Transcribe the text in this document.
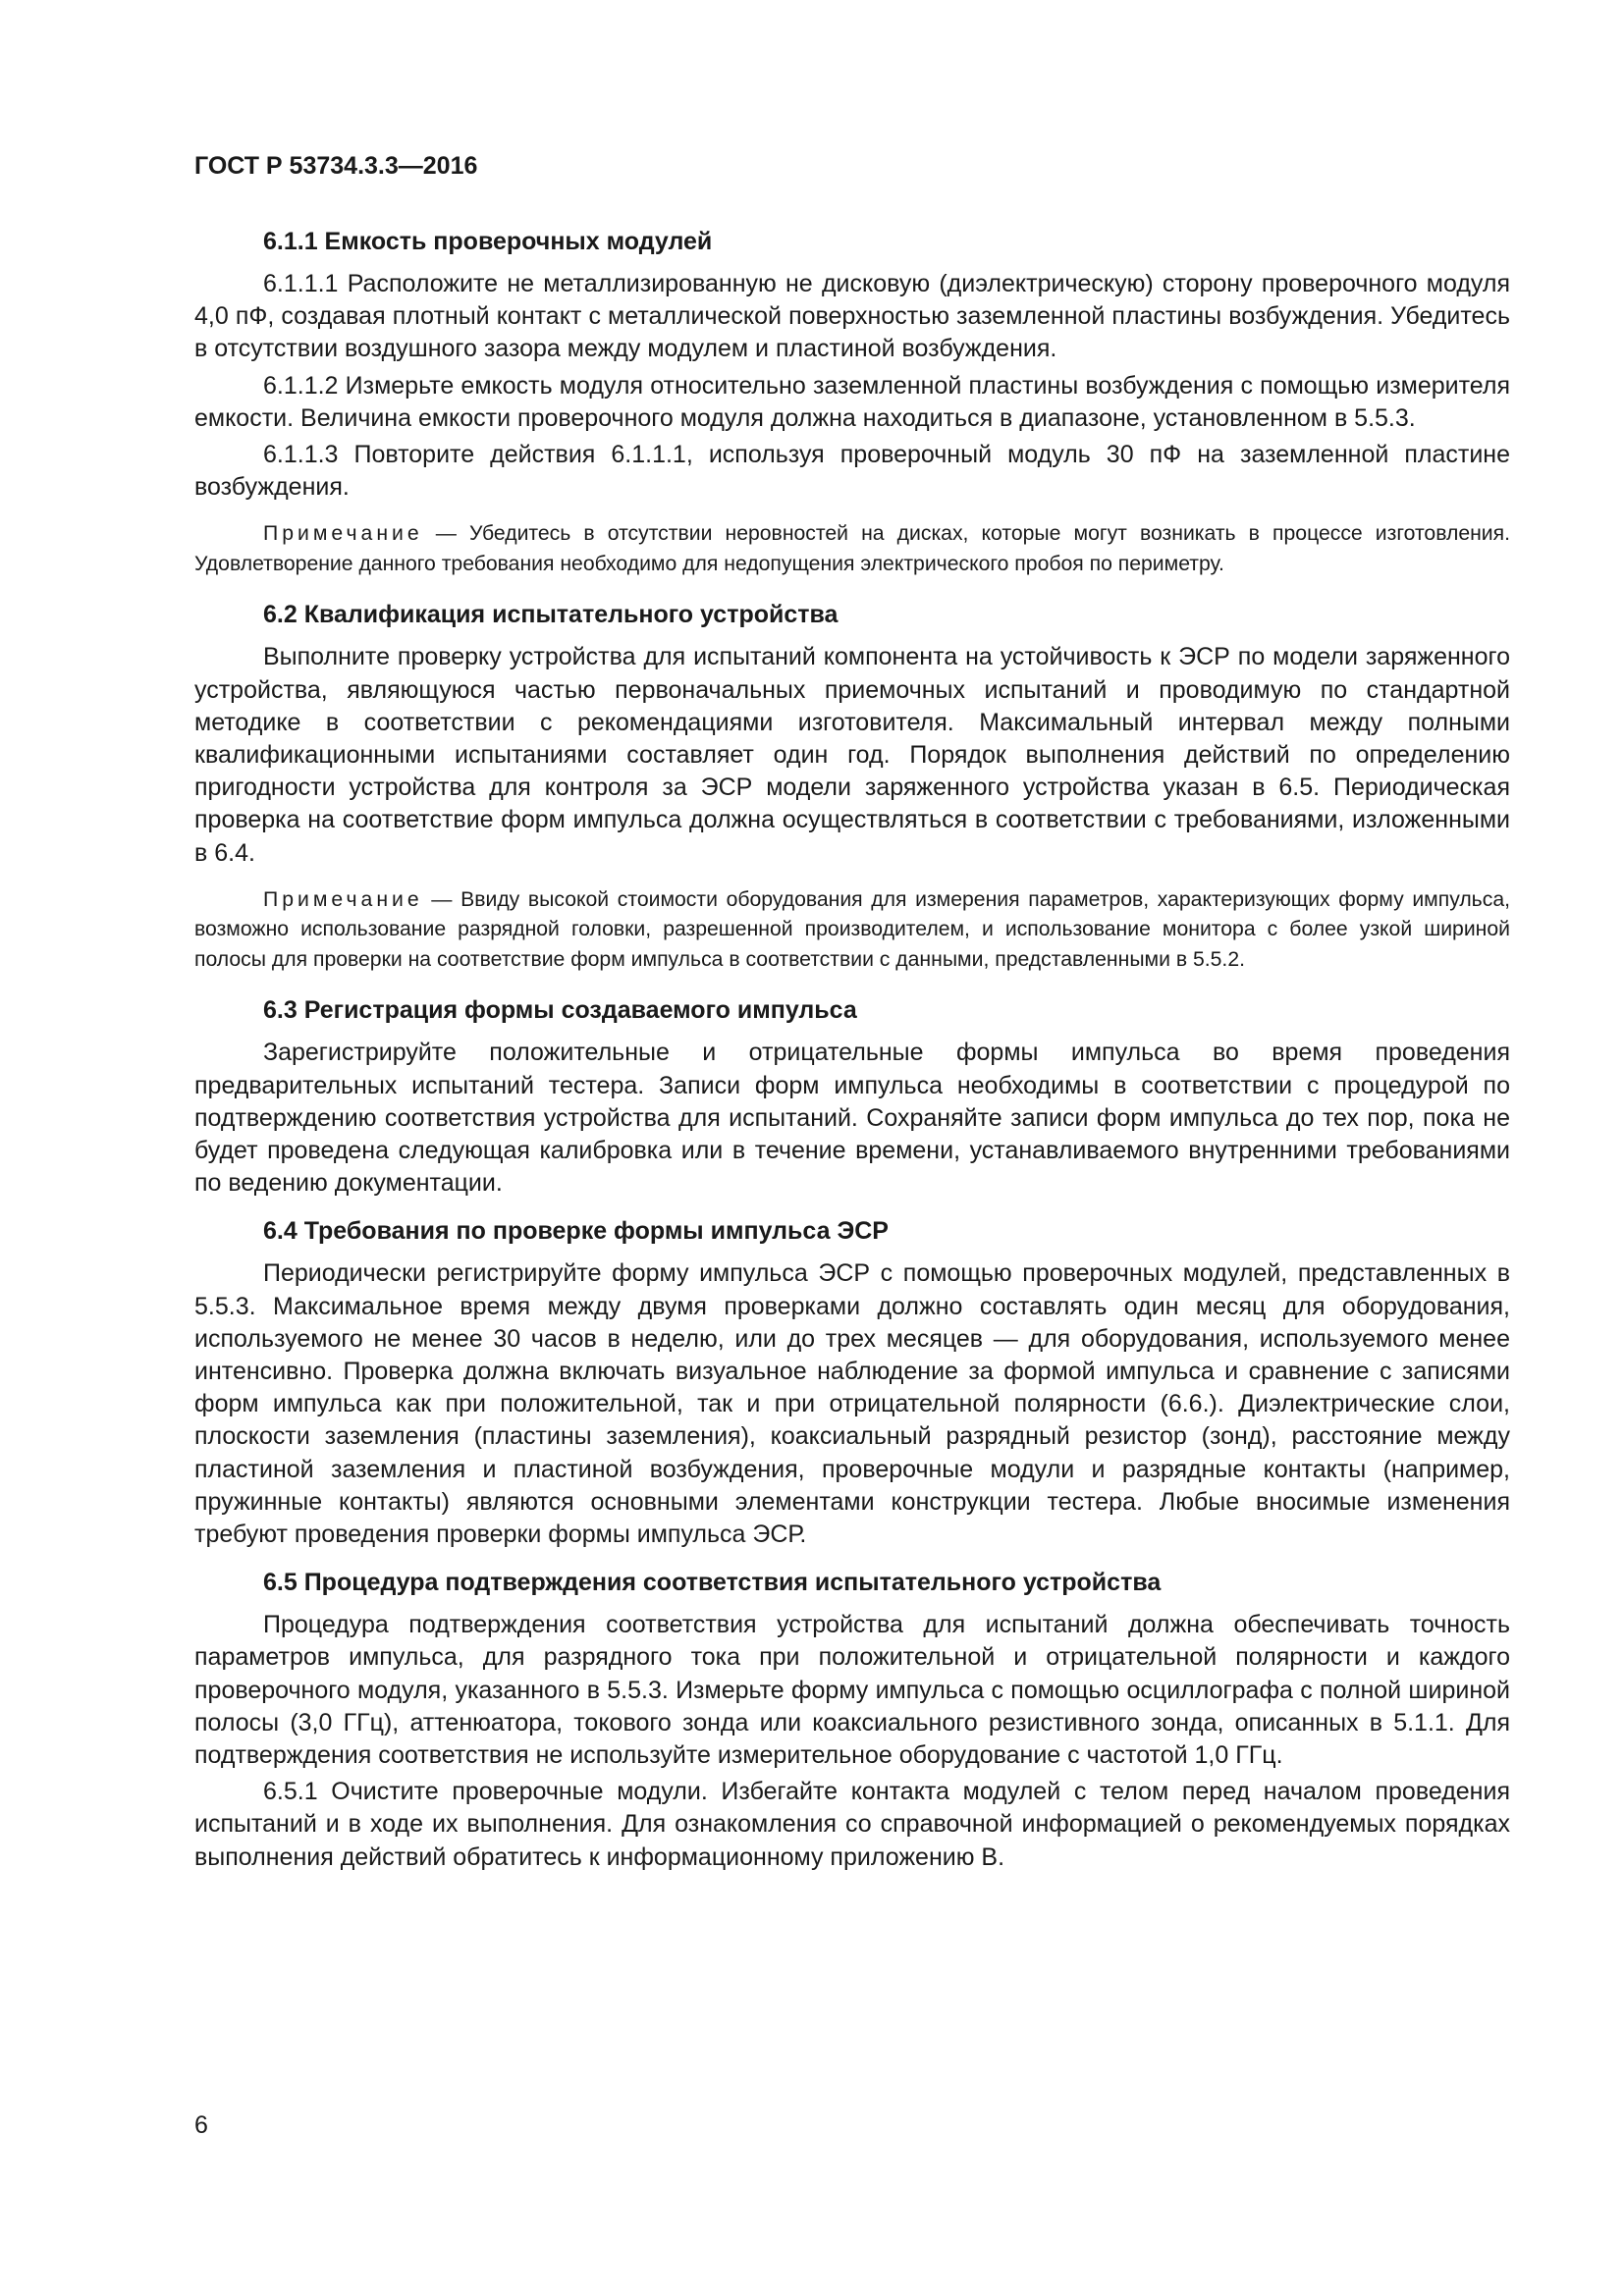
ГОСТ Р 53734.3.3—2016
6.1.1 Емкость проверочных модулей

6.1.1.1 Расположите не металлизированную не дисковую (диэлектрическую) сторону проверочного модуля 4,0 пФ, создавая плотный контакт с металлической поверхностью заземленной пластины возбуждения. Убедитесь в отсутствии воздушного зазора между модулем и пластиной возбуждения.

6.1.1.2 Измерьте емкость модуля относительно заземленной пластины возбуждения с помощью измерителя емкости. Величина емкости проверочного модуля должна находиться в диапазоне, установленном в 5.5.3.

6.1.1.3 Повторите действия 6.1.1.1, используя проверочный модуль 30 пФ на заземленной пластине возбуждения.

Примечание — Убедитесь в отсутствии неровностей на дисках, которые могут возникать в процессе изготовления. Удовлетворение данного требования необходимо для недопущения электрического пробоя по периметру.
6.2 Квалификация испытательного устройства

Выполните проверку устройства для испытаний компонента на устойчивость к ЭСР по модели заряженного устройства, являющуюся частью первоначальных приемочных испытаний и проводимую по стандартной методике в соответствии с рекомендациями изготовителя. Максимальный интервал между полными квалификационными испытаниями составляет один год. Порядок выполнения действий по определению пригодности устройства для контроля за ЭСР модели заряженного устройства указан в 6.5. Периодическая проверка на соответствие форм импульса должна осуществляться в соответствии с требованиями, изложенными в 6.4.

Примечание — Ввиду высокой стоимости оборудования для измерения параметров, характеризующих форму импульса, возможно использование разрядной головки, разрешенной производителем, и использование монитора с более узкой шириной полосы для проверки на соответствие форм импульса в соответствии с данными, представленными в 5.5.2.
6.3 Регистрация формы создаваемого импульса

Зарегистрируйте положительные и отрицательные формы импульса во время проведения предварительных испытаний тестера. Записи форм импульса необходимы в соответствии с процедурой по подтверждению соответствия устройства для испытаний. Сохраняйте записи форм импульса до тех пор, пока не будет проведена следующая калибровка или в течение времени, устанавливаемого внутренними требованиями по ведению документации.

6.4 Требования по проверке формы импульса ЭСР

Периодически регистрируйте форму импульса ЭСР с помощью проверочных модулей, представленных в 5.5.3. Максимальное время между двумя проверками должно составлять один месяц для оборудования, используемого не менее 30 часов в неделю, или до трех месяцев — для оборудования, используемого менее интенсивно. Проверка должна включать визуальное наблюдение за формой импульса и сравнение с записями форм импульса как при положительной, так и при отрицательной полярности (6.6.). Диэлектрические слои, плоскости заземления (пластины заземления), коаксиальный разрядный резистор (зонд), расстояние между пластиной заземления и пластиной возбуждения, проверочные модули и разрядные контакты (например, пружинные контакты) являются основными элементами конструкции тестера. Любые вносимые изменения требуют проведения проверки формы импульса ЭСР.

6.5 Процедура подтверждения соответствия испытательного устройства

Процедура подтверждения соответствия устройства для испытаний должна обеспечивать точность параметров импульса, для разрядного тока при положительной и отрицательной полярности и каждого проверочного модуля, указанного в 5.5.3. Измерьте форму импульса с помощью осциллографа с полной шириной полосы (3,0 ГГц), аттенюатора, токового зонда или коаксиального резистивного зонда, описанных в 5.1.1. Для подтверждения соответствия не используйте измерительное оборудование с частотой 1,0 ГГц.

6.5.1 Очистите проверочные модули. Избегайте контакта модулей с телом перед началом проведения испытаний и в ходе их выполнения. Для ознакомления со справочной информацией о рекомендуемых порядках выполнения действий обратитесь к информационному приложению В.

6
